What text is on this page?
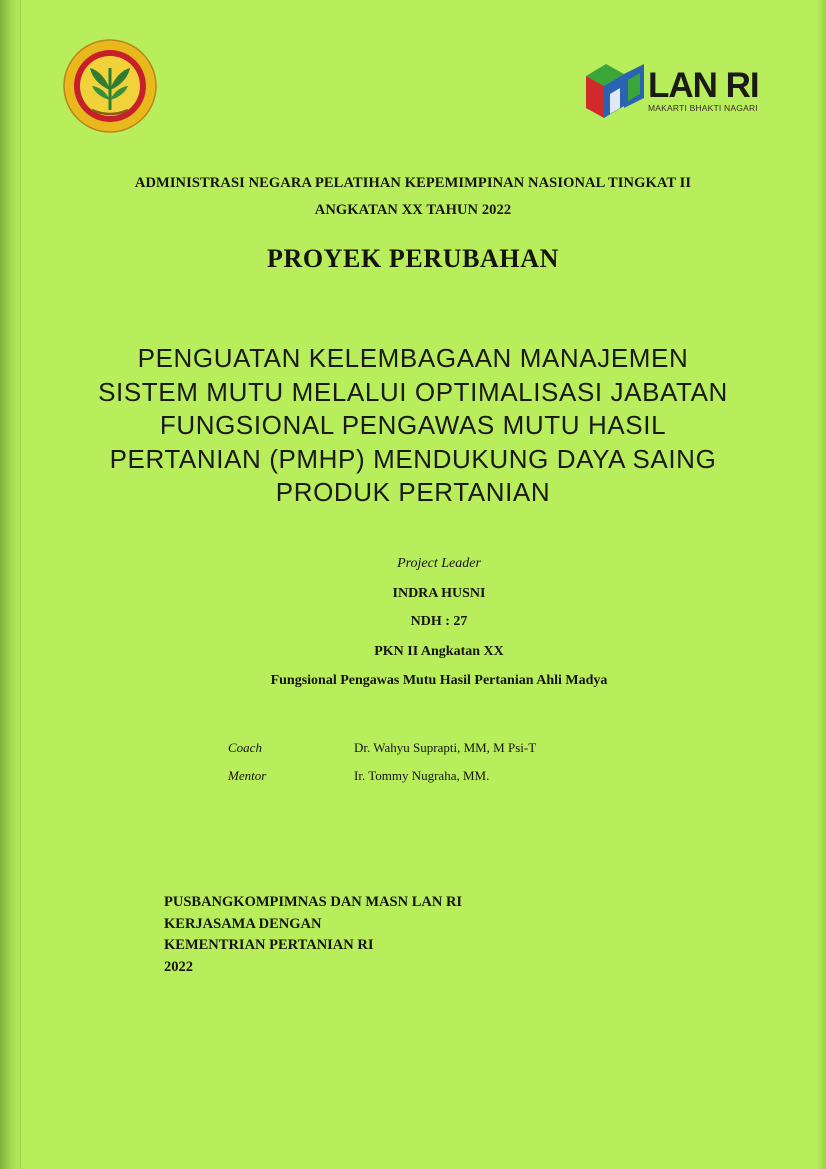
LAN RI
MAKARTI BHAKTI NAGARI
ADMINISTRASI NEGARA PELATIHAN KEPEMIMPINAN NASIONAL TINGKAT II
ANGKATAN XX TAHUN 2022
PROYEK PERUBAHAN
PENGUATAN KELEMBAGAAN MANAJEMEN
SISTEM MUTU MELALUI OPTIMALISASI JABATAN
FUNGSIONAL PENGAWAS MUTU HASIL
PERTANIAN (PMHP) MENDUKUNG DAYA SAING
PRODUK PERTANIAN
Project Leader
INDRA HUSNI
NDH : 27
PKN II Angkatan XX
Fungsional Pengawas Mutu Hasil Pertanian Ahli Madya
Coach	Dr. Wahyu Suprapti, MM, M Psi-T
Mentor	Ir. Tommy Nugraha, MM.
PUSBANGKOMPIMNAS DAN MASN LAN RI
KERJASAMA DENGAN
KEMENTRIAN PERTANIAN RI
2022
